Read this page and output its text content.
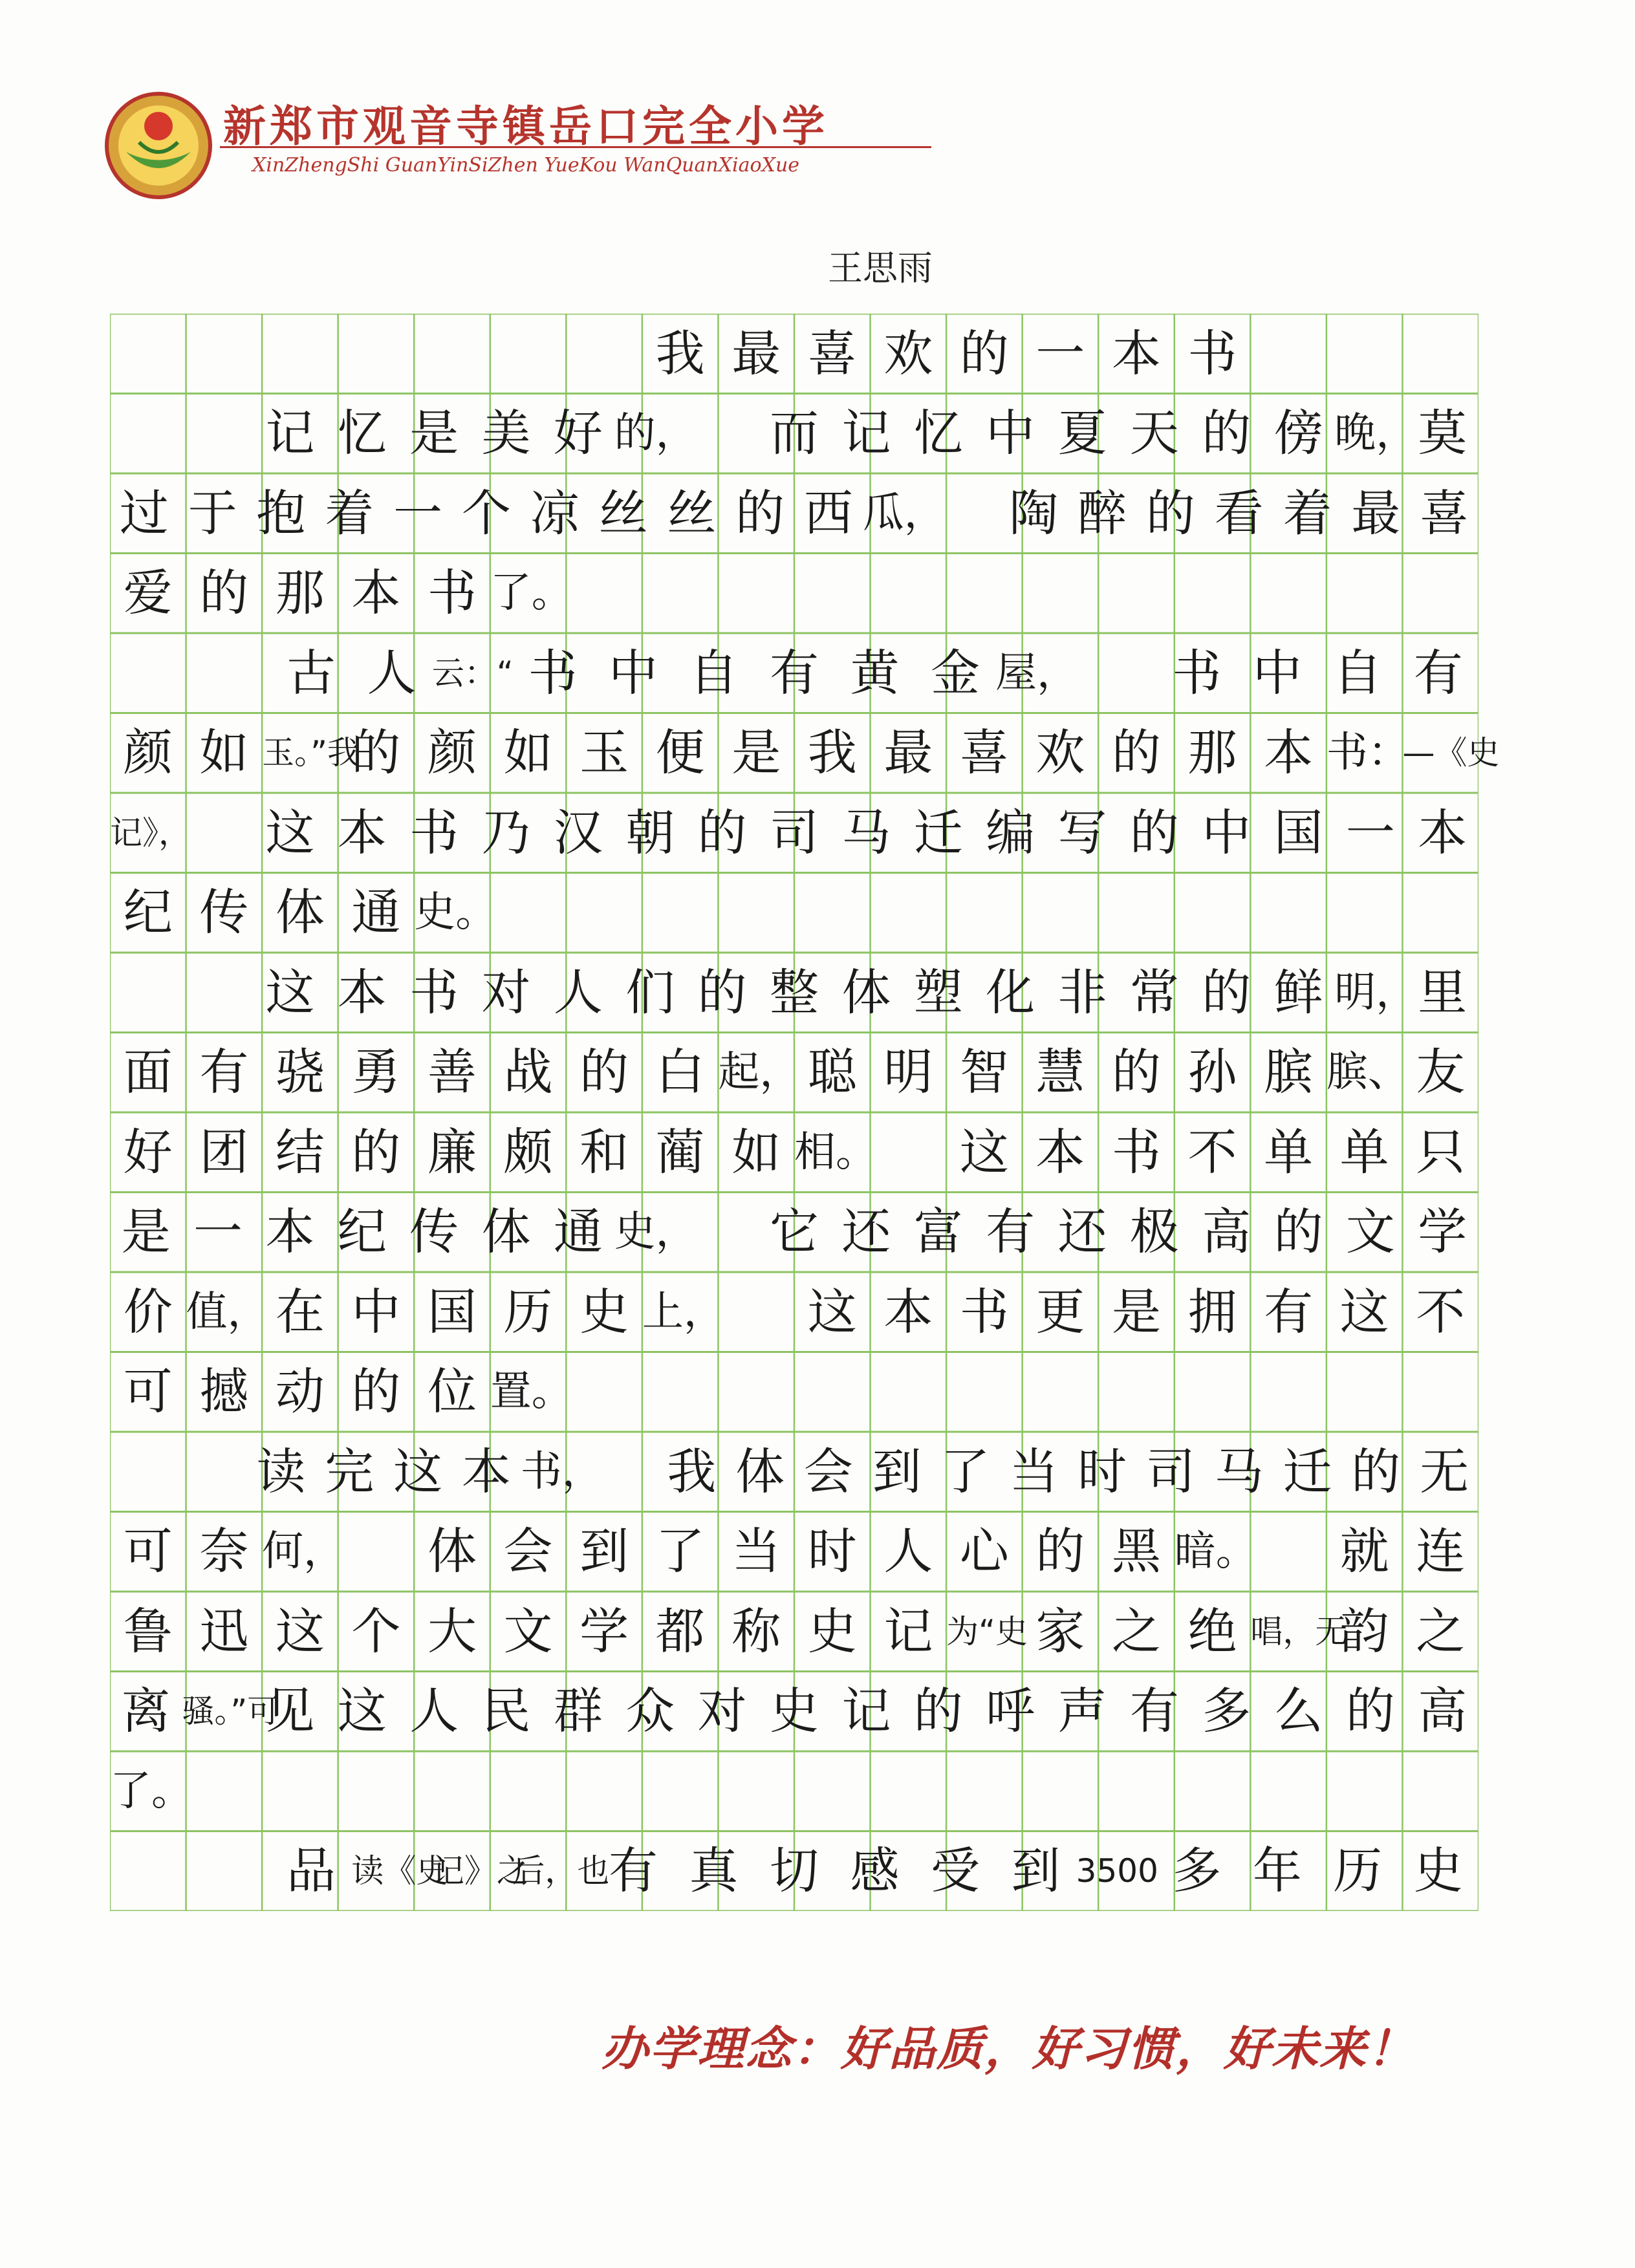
新郑市观音寺镇岳口完全小学
XinZhengShi GuanYinSiZhen YueKou WanQuanXiaoXue
王思雨
我 最 喜 欢 的 一 本 书
记 忆 是 美 好 的， 而 记 忆 中 夏 天 的 傍 晚， 莫
过 于 抱 着 一 个 凉 丝 丝 的 西 瓜， 陶 醉 的 看 着 最 喜
爱 的 那 本 书 了。
古 人 云：“ 书 中 自 有 黄 金 屋，	书 中 自 有
颜 如 玉。”我
的 颜 如 玉 便 是 我 最 喜 欢 的 那 本 书：
—《史
记》， 这 本 书 乃 汉 朝 的 司 马 迁 编 写 的 中 国 一 本
纪 传 体 通 史。
这 本 书 对 人 们 的 整 体 塑 化 非 常 的 鲜 明， 里
面 有 骁 勇 善 战 的 白 起， 聪 明 智 慧 的 孙 膑 膑、 友
好 团 结 的 廉 颇 和 蔺 如 相。 这 本 书 不 单 单 只
是 一 本 纪 传 体 通 史， 它 还 富 有 还 极 高 的 文 学
价 值， 在 中 国 历 史 上， 这 本 书 更 是 拥 有 这 不
可 撼 动 的 位 置。
读 完 这 本 书， 我 体 会 到 了 当 时 司 马 迁 的 无
可 奈 何， 体 会 到 了 当 时 人 心 的 黑 暗。 就 连
鲁 迅 这 个 大 文 学 都 称 史 记 为“史 家 之 绝 唱，无
韵 之
离 骚。”可
见 这 人 民 群 众 对 史 记 的 呼 声 有 多 么 的 高
了。
品 读《史
记》之
后，也
有 真 切 感 受 到 3500 多 年 历 史
办学理念：好品质，好习惯，好未来！
